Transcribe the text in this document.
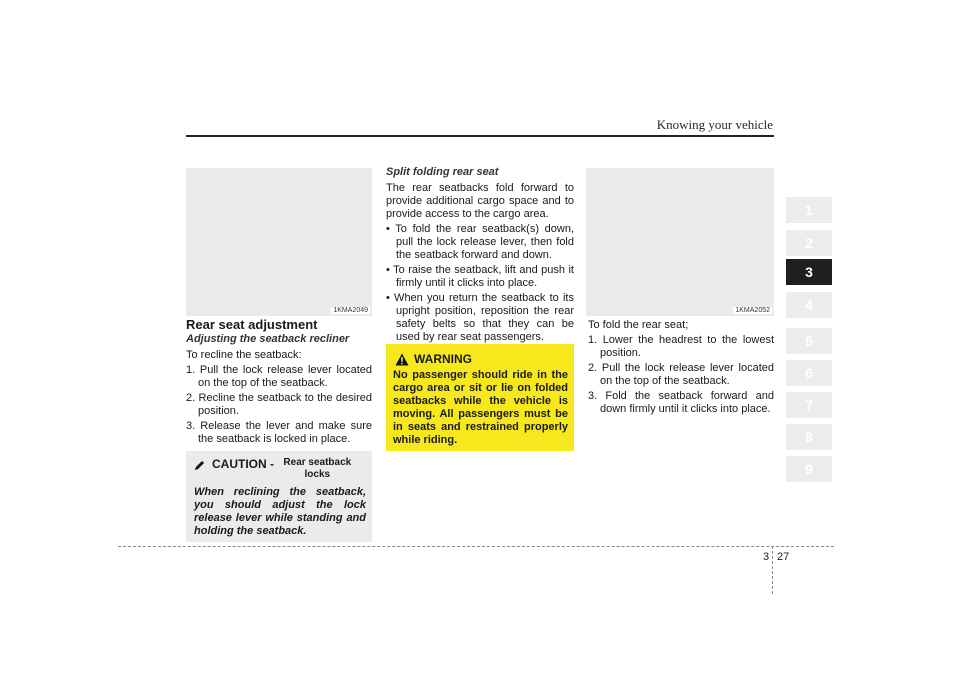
Knowing your vehicle
1KMA2049
Rear seat adjustment
Adjusting the seatback recliner

To recline the seatback:

1. Pull the lock release lever located on the top of the seatback.
2. Recline the seatback to the desired position.
3. Release the lever and make sure the seatback is locked in place.
CAUTION - Rear seatback locks
When reclining the seatback, you should adjust the lock release lever while standing and holding the seatback.
Split folding rear seat

The rear seatbacks fold forward to provide additional cargo space and to provide access to the cargo area.

• To fold the rear seatback(s) down, pull the lock release lever, then fold the seatback forward and down.
• To raise the seatback, lift and push it firmly until it clicks into place.
• When you return the seatback to its upright position, reposition the rear safety belts so that they can be used by rear seat passengers.
WARNING
No passenger should ride in the cargo area or sit or lie on folded seatbacks while the vehicle is moving. All passengers must be in seats and restrained properly while riding.
1KMA2052

To fold the rear seat;

1. Lower the headrest to the lowest position.
2. Pull the lock release lever located on the top of the seatback.
3. Fold the seatback forward and down firmly until it clicks into place.
1
2
3
4
5
6
7
8
9
3 27
